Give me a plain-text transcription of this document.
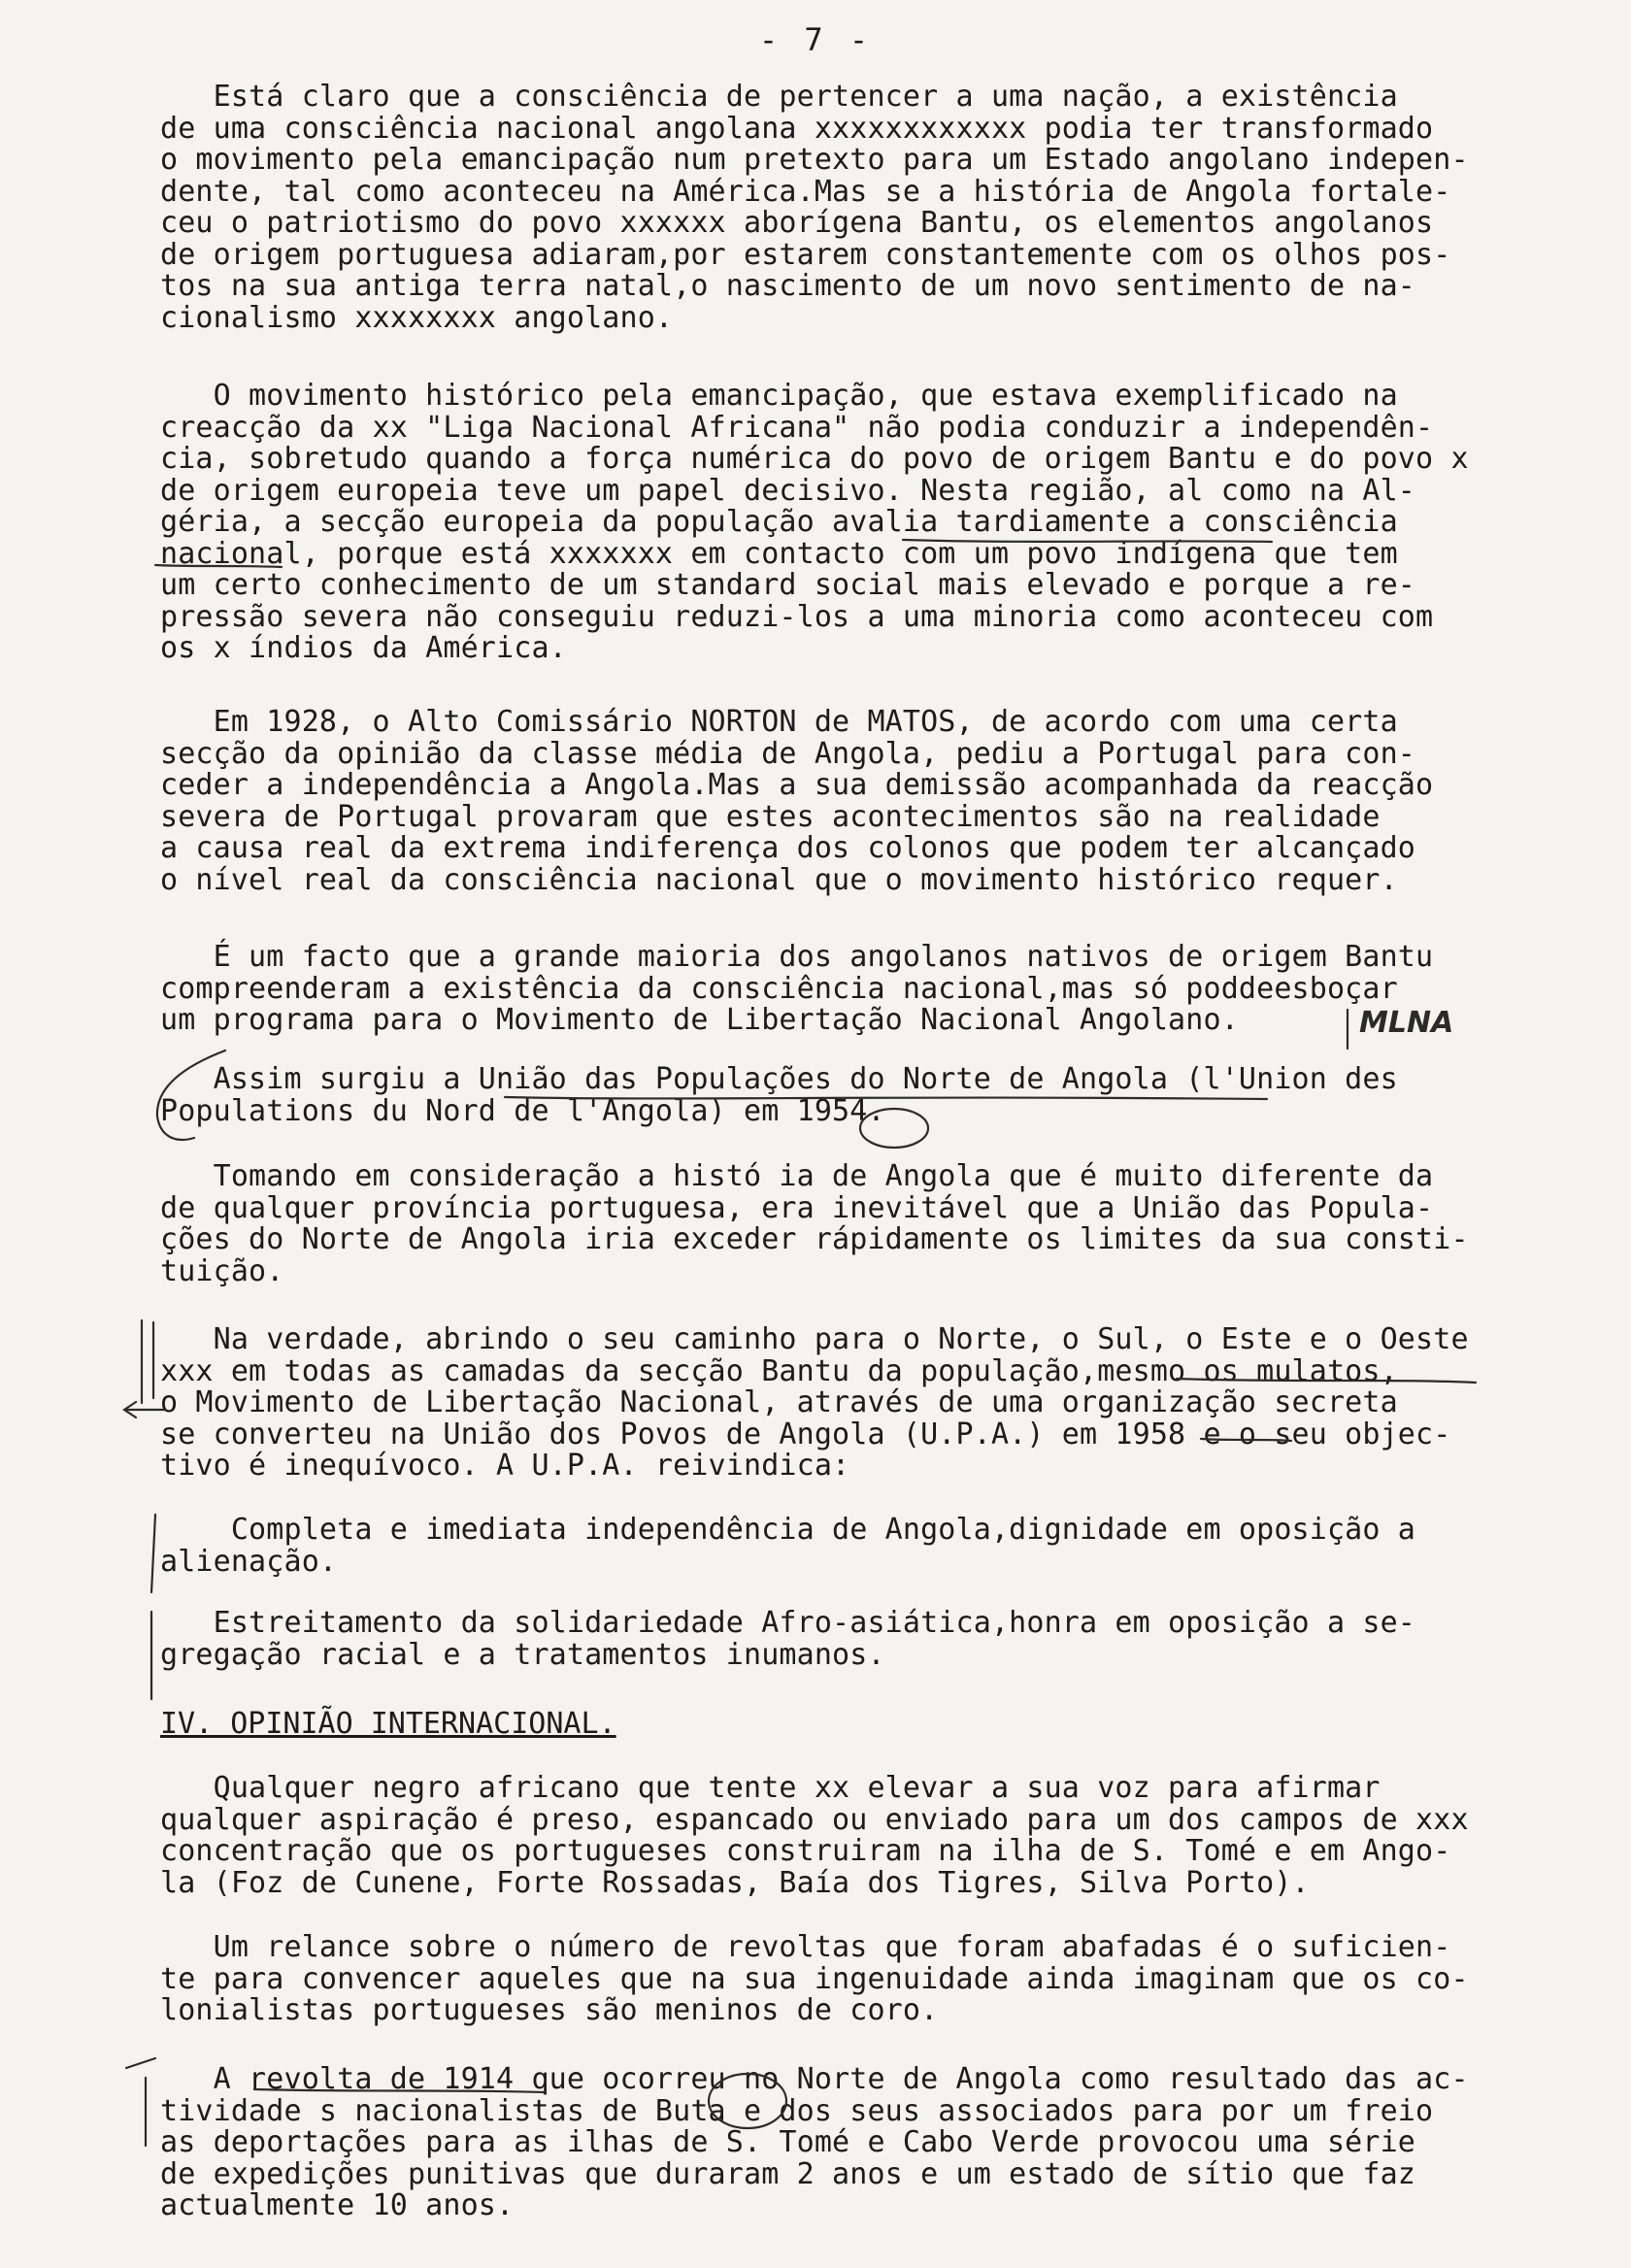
- 7 -
Está claro que a consciência de pertencer a uma nação, a existência
de uma consciência nacional angolana xxxxxxxxxxxx podia ter transformado
o movimento pela emancipação num pretexto para um Estado angolano indepen-
dente, tal como aconteceu na América.Mas se a história de Angola fortale-
ceu o patriotismo do povo xxxxxx aborígena Bantu, os elementos angolanos
de origem portuguesa adiaram,por estarem constantemente com os olhos pos-
tos na sua antiga terra natal,o nascimento de um novo sentimento de na-
cionalismo xxxxxxxx angolano.
O movimento histórico pela emancipação, que estava exemplificado na
creacção da xx "Liga Nacional Africana" não podia conduzir a independên-
cia, sobretudo quando a força numérica do povo de origem Bantu e do povo x
de origem europeia teve um papel decisivo. Nesta região, al como na Al-
géria, a secção europeia da população avalia tardiamente a consciência
nacional, porque está xxxxxxx em contacto com um povo indígena que tem
um certo conhecimento de um standard social mais elevado e porque a re-
pressão severa não conseguiu reduzi-los a uma minoria como aconteceu com
os x índios da América.
Em 1928, o Alto Comissário NORTON de MATOS, de acordo com uma certa
secção da opinião da classe média de Angola, pediu a Portugal para con-
ceder a independência a Angola.Mas a sua demissão acompanhada da reacção
severa de Portugal provaram que estes acontecimentos são na realidade
a causa real da extrema indiferença dos colonos que podem ter alcançado
o nível real da consciência nacional que o movimento histórico requer.
É um facto que a grande maioria dos angolanos nativos de origem Bantu
compreenderam a existência da consciência nacional,mas só poddeesboçar
um programa para o Movimento de Libertação Nacional Angolano.	MLNA
Assim surgiu a União das Populações do Norte de Angola (l'Union des
Populations du Nord de l'Angola) em 1954.
Tomando em consideração a histó ia de Angola que é muito diferente da
de qualquer província portuguesa, era inevitável que a União das Popula-
ções do Norte de Angola iria exceder rápidamente os limites da sua consti-
tuição.
Na verdade, abrindo o seu caminho para o Norte, o Sul, o Este e o Oeste
xxx em todas as camadas da secção Bantu da população,mesmo os mulatos,
o Movimento de Libertação Nacional, através de uma organização secreta
se converteu na União dos Povos de Angola (U.P.A.) em 1958 e o seu objec-
tivo é inequívoco. A U.P.A. reivindica:
Completa e imediata independência de Angola,dignidade em oposição a
alienação.
Estreitamento da solidariedade Afro-asiática,honra em oposição a se-
gregação racial e a tratamentos inumanos.
IV. OPINIÃO INTERNACIONAL.
Qualquer negro africano que tente xx elevar a sua voz para afirmar
qualquer aspiração é preso, espancado ou enviado para um dos campos de xxx
concentração que os portugueses construiram na ilha de S. Tomé e em Ango-
la (Foz de Cunene, Forte Rossadas, Baía dos Tigres, Silva Porto).
Um relance sobre o número de revoltas que foram abafadas é o suficien-
te para convencer aqueles que na sua ingenuidade ainda imaginam que os co-
lonialistas portugueses são meninos de coro.
A revolta de 1914 que ocorreu no Norte de Angola como resultado das ac-
tividade s nacionalistas de Buta e dos seus associados para por um freio
as deportações para as ilhas de S. Tomé e Cabo Verde provocou uma série
de expedições punitivas que duraram 2 anos e um estado de sítio que faz
actualmente 10 anos.
